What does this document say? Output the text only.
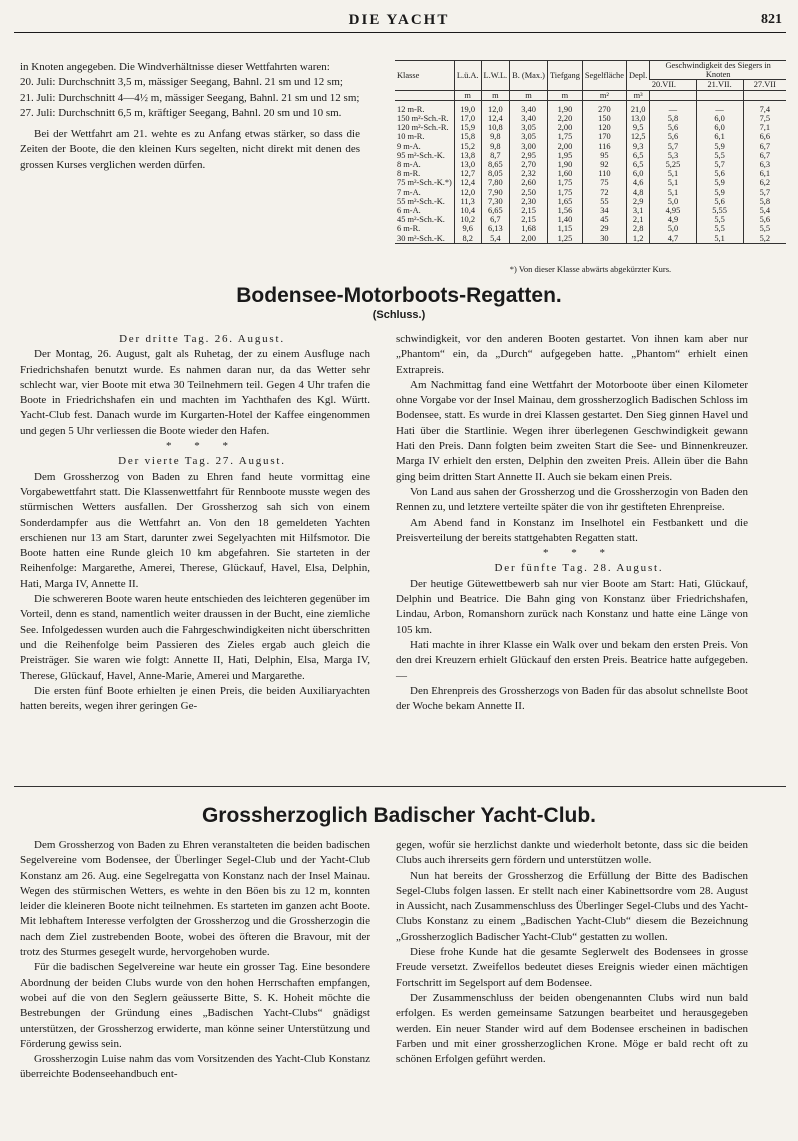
DIE YACHT	821

in Knoten angegeben. Die Windverhältnisse dieser Wettfahrten waren:

20. Juli: Durchschnitt 3,5 m, mässiger Seegang, Bahnl. 21 sm und 12 sm;

21. Juli: Durchschnitt 4—4½ m, mässiger Seegang, Bahnl. 21 sm und 12 sm;

27. Juli: Durchschnitt 6,5 m, kräftiger Seegang, Bahnl. 20 sm und 10 sm.

Bei der Wettfahrt am 21. wehte es zu Anfang etwas stärker, so dass die Zeiten der Boote, die den kleinen Kurs segelten, nicht direkt mit denen des grossen Kurses verglichen werden dürfen.

Klasse	L.ü.A.	L.W.L.	B. (Max.)	Tiefgang	Segelfläche	Depl.	Geschwindigkeit des Siegers in Knoten		
							20.VII.	21.VII.	27.VII
	m	m	m	m	m²	m³			
12 m-R.	19,0	12,0	3,40	1,90	270	21,0	—	—	7,4
150 m²-Sch.-R.	17,0	12,4	3,40	2,20	150	13,0	5,8	6,0	7,5
120 m²-Sch.-R.	15,9	10,8	3,05	2,00	120	9,5	5,6	6,0	7,1
10 m-R.	15,8	9,8	3,05	1,75	170	12,5	5,6	6,1	6,6
9 m-A.	15,2	9,8	3,00	2,00	116	9,3	5,7	5,9	6,7
95 m²-Sch.-K.	13,8	8,7	2,95	1,95	95	6,5	5,3	5,5	6,7
8 m-A.	13,0	8,65	2,70	1,90	92	6,5	5,25	5,7	6,3
8 m-R.	12,7	8,05	2,32	1,60	110	6,0	5,1	5,6	6,1
75 m²-Sch.-K.*)	12,4	7,80	2,60	1,75	75	4,6	5,1	5,9	6,2
7 m-A.	12,0	7,90	2,50	1,75	72	4,8	5,1	5,9	5,7
55 m²-Sch.-K.	11,3	7,30	2,30	1,65	55	2,9	5,0	5,6	5,8
6 m-A.	10,4	6,65	2,15	1,56	34	3,1	4,95	5,55	5,4
45 m²-Sch.-K.	10,2	6,7	2,15	1,40	45	2,1	4,9	5,5	5,6
6 m-R.	9,6	6,13	1,68	1,15	29	2,8	5,0	5,5	5,5
30 m²-Sch.-K.	8,2	5,4	2,00	1,25	30	1,2	4,7	5,1	5,2
*) Von dieser Klasse abwärts abgekürzter Kurs.
Bodensee-Motorboots-Regatten.
(Schluss.)

Der dritte Tag. 26. August.

Der Montag, 26. August, galt als Ruhetag, der zu einem Ausfluge nach Friedrichshafen benutzt wurde. Es nahmen daran nur, da das Wetter sehr schlecht war, vier Boote mit etwa 30 Teilnehmern teil. Gegen 4 Uhr trafen die Boote in Friedrichshafen ein und machten im Yachthafen des Kgl. Württ. Yacht-Club fest. Danach wurde im Kurgarten-Hotel der Kaffee eingenommen und gegen 5 Uhr verliessen die Boote wieder den Hafen.

* * *

Der vierte Tag. 27. August.

Dem Grossherzog von Baden zu Ehren fand heute vormittag eine Vorgabewettfahrt statt. Die Klassenwettfahrt für Rennboote musste wegen des stürmischen Wetters ausfallen. Der Grossherzog sah sich von einem Sonderdampfer aus die Wettfahrt an. Von den 18 gemeldeten Yachten erschienen nur 13 am Start, darunter zwei Segelyachten mit Hilfsmotor. Die Boote hatten eine Runde gleich 10 km abgefahren. Sie starteten in der Reihenfolge: Margarethe, Amerei, Therese, Glückauf, Havel, Elsa, Delphin, Hati, Marga IV, Annette II.

Die schwereren Boote waren heute entschieden des leichteren gegenüber im Vorteil, denn es stand, namentlich weiter draussen in der Bucht, eine ziemliche See. Infolgedessen wurden auch die Fahrgeschwindigkeiten nicht überschritten und die Reihenfolge beim Passieren des Zieles ergab auch gleich die Preisträger. Sie waren wie folgt: Annette II, Hati, Delphin, Elsa, Marga IV, Therese, Glückauf, Havel, Anne-Marie, Amerei und Margarethe.

Die ersten fünf Boote erhielten je einen Preis, die beiden Auxiliaryachten hatten bereits, wegen ihrer geringen Ge-

schwindigkeit, vor den anderen Booten gestartet. Von ihnen kam aber nur „Phantom“ ein, da „Durch“ aufgegeben hatte. „Phantom“ erhielt einen Extrapreis.

Am Nachmittag fand eine Wettfahrt der Motorboote über einen Kilometer ohne Vorgabe vor der Insel Mainau, dem grossherzoglich Badischen Schloss im Bodensee, statt. Es wurde in drei Klassen gestartet. Den Sieg ginnen Havel und Hati über die Startlinie. Wegen ihrer überlegenen Geschwindigkeit gewann Hati den Preis. Dann folgten beim zweiten Start die See- und Binnenkreuzer. Marga IV erhielt den ersten, Delphin den zweiten Preis. Allein über die Bahn ging beim dritten Start Annette II. Auch sie bekam einen Preis.

Von Land aus sahen der Grossherzog und die Grossherzogin von Baden den Rennen zu, und letztere verteilte später die von ihr gestifteten Ehrenpreise.

Am Abend fand in Konstanz im Inselhotel ein Festbankett und die Preisverteilung der bereits stattgehabten Regatten statt.

* * *

Der fünfte Tag. 28. August.

Der heutige Gütewettbewerb sah nur vier Boote am Start: Hati, Glückauf, Delphin und Beatrice. Die Bahn ging von Konstanz über Friedrichshafen, Lindau, Arbon, Romanshorn zurück nach Konstanz und hatte eine Länge von 105 km.

Hati machte in ihrer Klasse ein Walk over und bekam den ersten Preis. Von den drei Kreuzern erhielt Glückauf den ersten Preis. Beatrice hatte aufgegeben. —

Den Ehrenpreis des Grossherzogs von Baden für das absolut schnellste Boot der Woche bekam Annette II.

Grossherzoglich Badischer Yacht-Club.

Dem Grossherzog von Baden zu Ehren veranstalteten die beiden badischen Segelvereine vom Bodensee, der Überlinger Segel-Club und der Yacht-Club Konstanz am 26. Aug. eine Segelregatta von Konstanz nach der Insel Mainau. Wegen des stürmischen Wetters, es wehte in den Böen bis zu 12 m, konnten leider die kleineren Boote nicht teilnehmen. Es starteten im ganzen acht Boote. Mit lebhaftem Interesse verfolgten der Grossherzog und die Grossherzogin die nach dem Ziel zustrebenden Boote, wobei des öfteren die Bravour, mit der trotz des Sturmes gesegelt wurde, hervorgehoben wurde.

Für die badischen Segelvereine war heute ein grosser Tag. Eine besondere Abordnung der beiden Clubs wurde von den hohen Herrschaften empfangen, wobei auf die von den Seglern geäusserte Bitte, S. K. Hoheit möchte die Bestrebungen der Gründung eines „Badischen Yacht-Clubs“ gnädigst unterstützen, der Grossherzog erwiderte, man könne seiner Unterstützung und Förderung gewiss sein.

Grossherzogin Luise nahm das vom Vorsitzenden des Yacht-Club Konstanz überreichte Bodenseehandbuch ent-

gegen, wofür sie herzlichst dankte und wiederholt betonte, dass sic die beiden Clubs auch ihrerseits gern fördern und unterstützen wolle.

Nun hat bereits der Grossherzog die Erfüllung der Bitte des Badischen Segel-Clubs folgen lassen. Er stellt nach einer Kabinettsordre vom 28. August in Aussicht, nach Zusammenschluss des Überlinger Segel-Clubs und des Yacht-Clubs Konstanz zu einem „Badischen Yacht-Club“ diesem die Bezeichnung „Grossherzoglich Badischer Yacht-Club“ gestatten zu wollen.

Diese frohe Kunde hat die gesamte Seglerwelt des Bodensees in grosse Freude versetzt. Zweifellos bedeutet dieses Ereignis wieder einen mächtigen Fortschritt im Segelsport auf dem Bodensee.

Der Zusammenschluss der beiden obengenannten Clubs wird nun bald erfolgen. Es werden gemeinsame Satzungen bearbeitet und herausgegeben werden. Ein neuer Stander wird auf dem Bodensee erscheinen in badischen Farben und mit einer grossherzoglichen Krone. Möge er bald recht oft zu schönen Erfolgen geführt werden.
